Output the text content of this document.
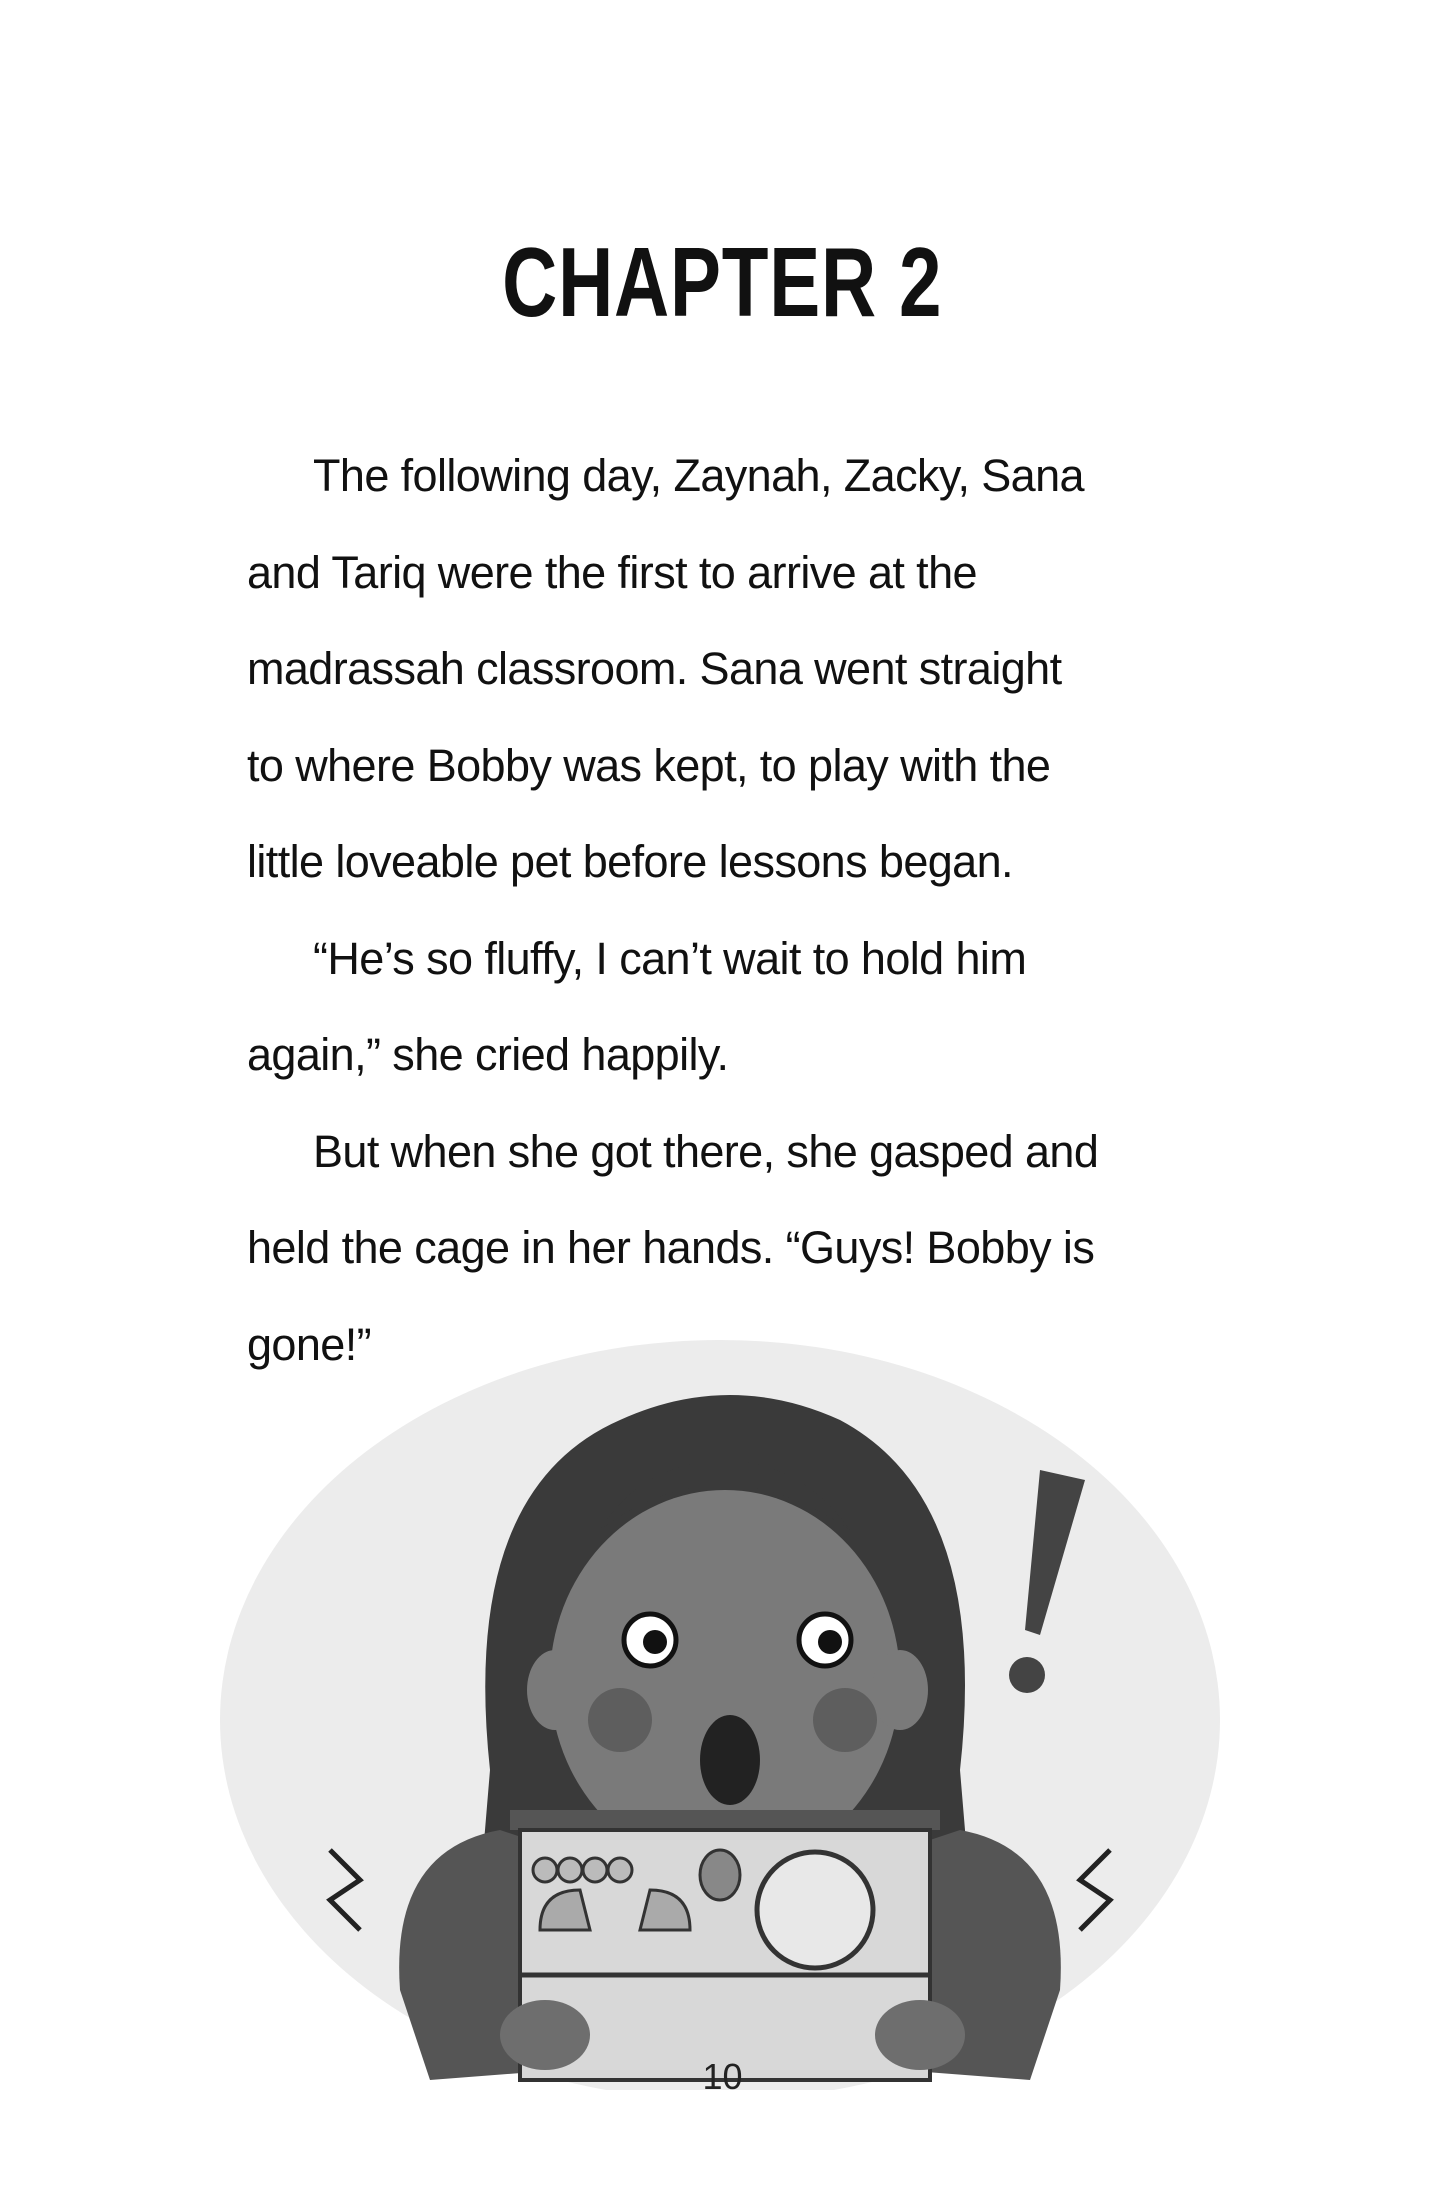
CHAPTER 2
The following day, Zaynah, Zacky, Sana
and Tariq were the first to arrive at the
madrassah classroom. Sana went straight
to where Bobby was kept, to play with the
little loveable pet before lessons began.
“He’s so fluffy, I can’t wait to hold him
again,” she cried happily.
But when she got there, she gasped and
held the cage in her hands. “Guys! Bobby is
gone!”
10
